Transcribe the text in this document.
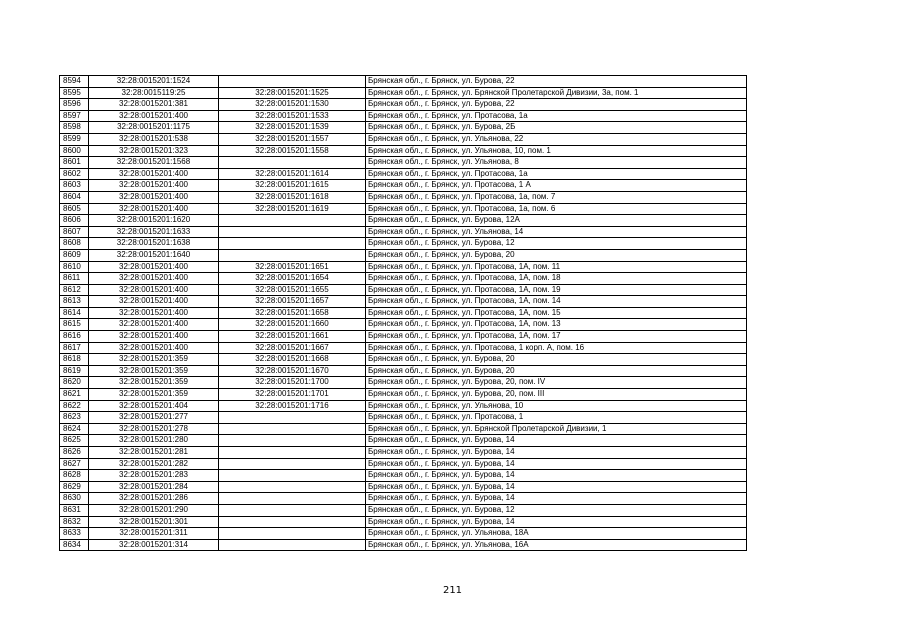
8594	32:28:0015201:1524		Брянская обл., г. Брянск, ул. Бурова, 22
8595	32:28:0015119:25	32:28:0015201:1525	Брянская обл., г. Брянск, ул. Брянской Пролетарской Дивизии, 3а, пом. 1
8596	32:28:0015201:381	32:28:0015201:1530	Брянская обл., г. Брянск, ул. Бурова, 22
8597	32:28:0015201:400	32:28:0015201:1533	Брянская обл., г. Брянск, ул. Протасова, 1а
8598	32:28:0015201:1175	32:28:0015201:1539	Брянская обл., г. Брянск, ул. Бурова, 2Б
8599	32:28:0015201:538	32:28:0015201:1557	Брянская обл., г. Брянск, ул. Ульянова, 22
8600	32:28:0015201:323	32:28:0015201:1558	Брянская обл., г. Брянск, ул. Ульянова, 10, пом. 1
8601	32:28:0015201:1568		Брянская обл., г. Брянск, ул. Ульянова, 8
8602	32:28:0015201:400	32:28:0015201:1614	Брянская обл., г. Брянск, ул. Протасова, 1а
8603	32:28:0015201:400	32:28:0015201:1615	Брянская обл., г. Брянск, ул. Протасова, 1 А
8604	32:28:0015201:400	32:28:0015201:1618	Брянская обл., г. Брянск, ул. Протасова, 1а, пом. 7
8605	32:28:0015201:400	32:28:0015201:1619	Брянская обл., г. Брянск, ул. Протасова, 1а, пом. 6
8606	32:28:0015201:1620		Брянская обл., г. Брянск, ул. Бурова, 12А
8607	32:28:0015201:1633		Брянская обл., г. Брянск, ул. Ульянова, 14
8608	32:28:0015201:1638		Брянская обл., г. Брянск, ул. Бурова, 12
8609	32:28:0015201:1640		Брянская обл., г. Брянск, ул. Бурова, 20
8610	32:28:0015201:400	32:28:0015201:1651	Брянская обл., г. Брянск, ул. Протасова, 1А, пом. 11
8611	32:28:0015201:400	32:28:0015201:1654	Брянская обл., г. Брянск, ул. Протасова, 1А, пом. 18
8612	32:28:0015201:400	32:28:0015201:1655	Брянская обл., г. Брянск, ул. Протасова, 1А, пом. 19
8613	32:28:0015201:400	32:28:0015201:1657	Брянская обл., г. Брянск, ул. Протасова, 1А, пом. 14
8614	32:28:0015201:400	32:28:0015201:1658	Брянская обл., г. Брянск, ул. Протасова, 1А, пом. 15
8615	32:28:0015201:400	32:28:0015201:1660	Брянская обл., г. Брянск, ул. Протасова, 1А, пом. 13
8616	32:28:0015201:400	32:28:0015201:1661	Брянская обл., г. Брянск, ул. Протасова, 1А, пом. 17
8617	32:28:0015201:400	32:28:0015201:1667	Брянская обл., г. Брянск, ул. Протасова, 1 корп. А, пом. 16
8618	32:28:0015201:359	32:28:0015201:1668	Брянская обл., г. Брянск, ул. Бурова, 20
8619	32:28:0015201:359	32:28:0015201:1670	Брянская обл., г. Брянск, ул. Бурова, 20
8620	32:28:0015201:359	32:28:0015201:1700	Брянская обл., г. Брянск, ул. Бурова, 20, пом. IV
8621	32:28:0015201:359	32:28:0015201:1701	Брянская обл., г. Брянск, ул. Бурова, 20, пом. III
8622	32:28:0015201:404	32:28:0015201:1716	Брянская обл., г. Брянск, ул. Ульянова, 10
8623	32:28:0015201:277		Брянская обл., г. Брянск, ул. Протасова, 1
8624	32:28:0015201:278		Брянская обл., г. Брянск, ул. Брянской Пролетарской Дивизии, 1
8625	32:28:0015201:280		Брянская обл., г. Брянск, ул. Бурова, 14
8626	32:28:0015201:281		Брянская обл., г. Брянск, ул. Бурова, 14
8627	32:28:0015201:282		Брянская обл., г. Брянск, ул. Бурова, 14
8628	32:28:0015201:283		Брянская обл., г. Брянск, ул. Бурова, 14
8629	32:28:0015201:284		Брянская обл., г. Брянск, ул. Бурова, 14
8630	32:28:0015201:286		Брянская обл., г. Брянск, ул. Бурова, 14
8631	32:28:0015201:290		Брянская обл., г. Брянск, ул. Бурова, 12
8632	32:28:0015201:301		Брянская обл., г. Брянск, ул. Бурова, 14
8633	32:28:0015201:311		Брянская обл., г. Брянск, ул. Ульянова, 18А
8634	32:28:0015201:314		Брянская обл., г. Брянск, ул. Ульянова, 16А
211
